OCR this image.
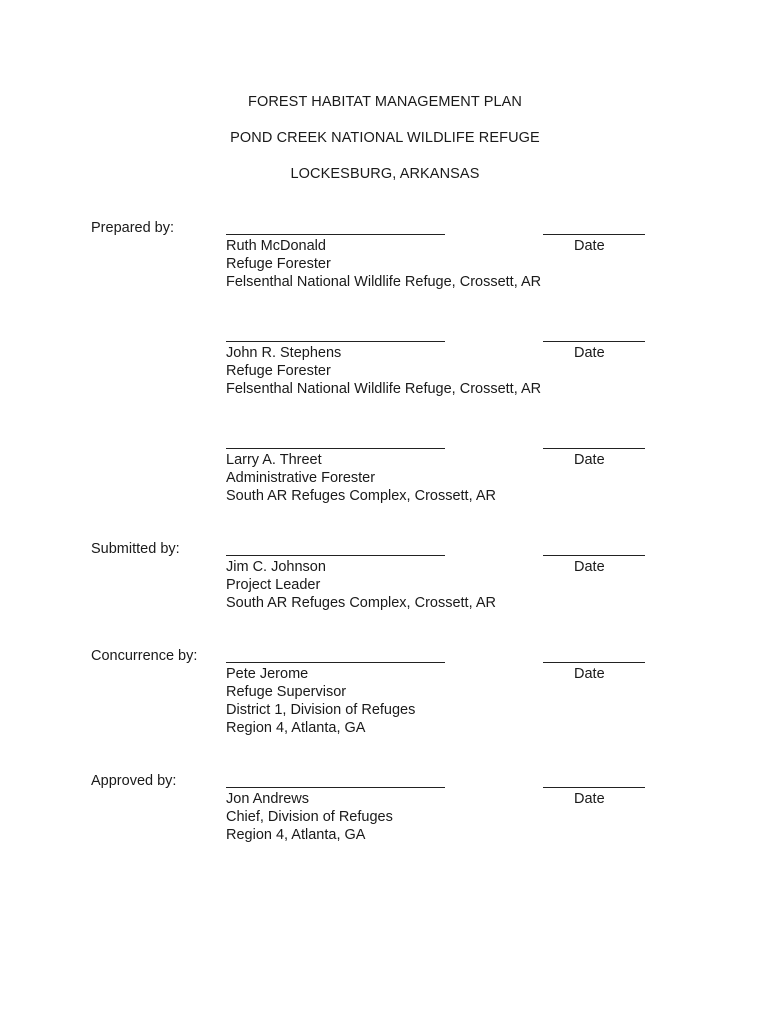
FOREST HABITAT MANAGEMENT PLAN
POND CREEK NATIONAL WILDLIFE REFUGE
LOCKESBURG, ARKANSAS
Prepared by:
Date
Ruth McDonald
Refuge Forester
Felsenthal National Wildlife Refuge, Crossett, AR
Date
John R. Stephens
Refuge Forester
Felsenthal National Wildlife Refuge, Crossett, AR
Date
Larry A. Threet
Administrative Forester
South AR Refuges Complex, Crossett, AR
Submitted by:
Date
Jim C. Johnson
Project Leader
South AR Refuges Complex, Crossett, AR
Concurrence by:
Date
Pete Jerome
Refuge Supervisor
District 1, Division of Refuges
Region 4, Atlanta, GA
Approved by:
Date
Jon Andrews
Chief, Division of Refuges
Region 4, Atlanta, GA
